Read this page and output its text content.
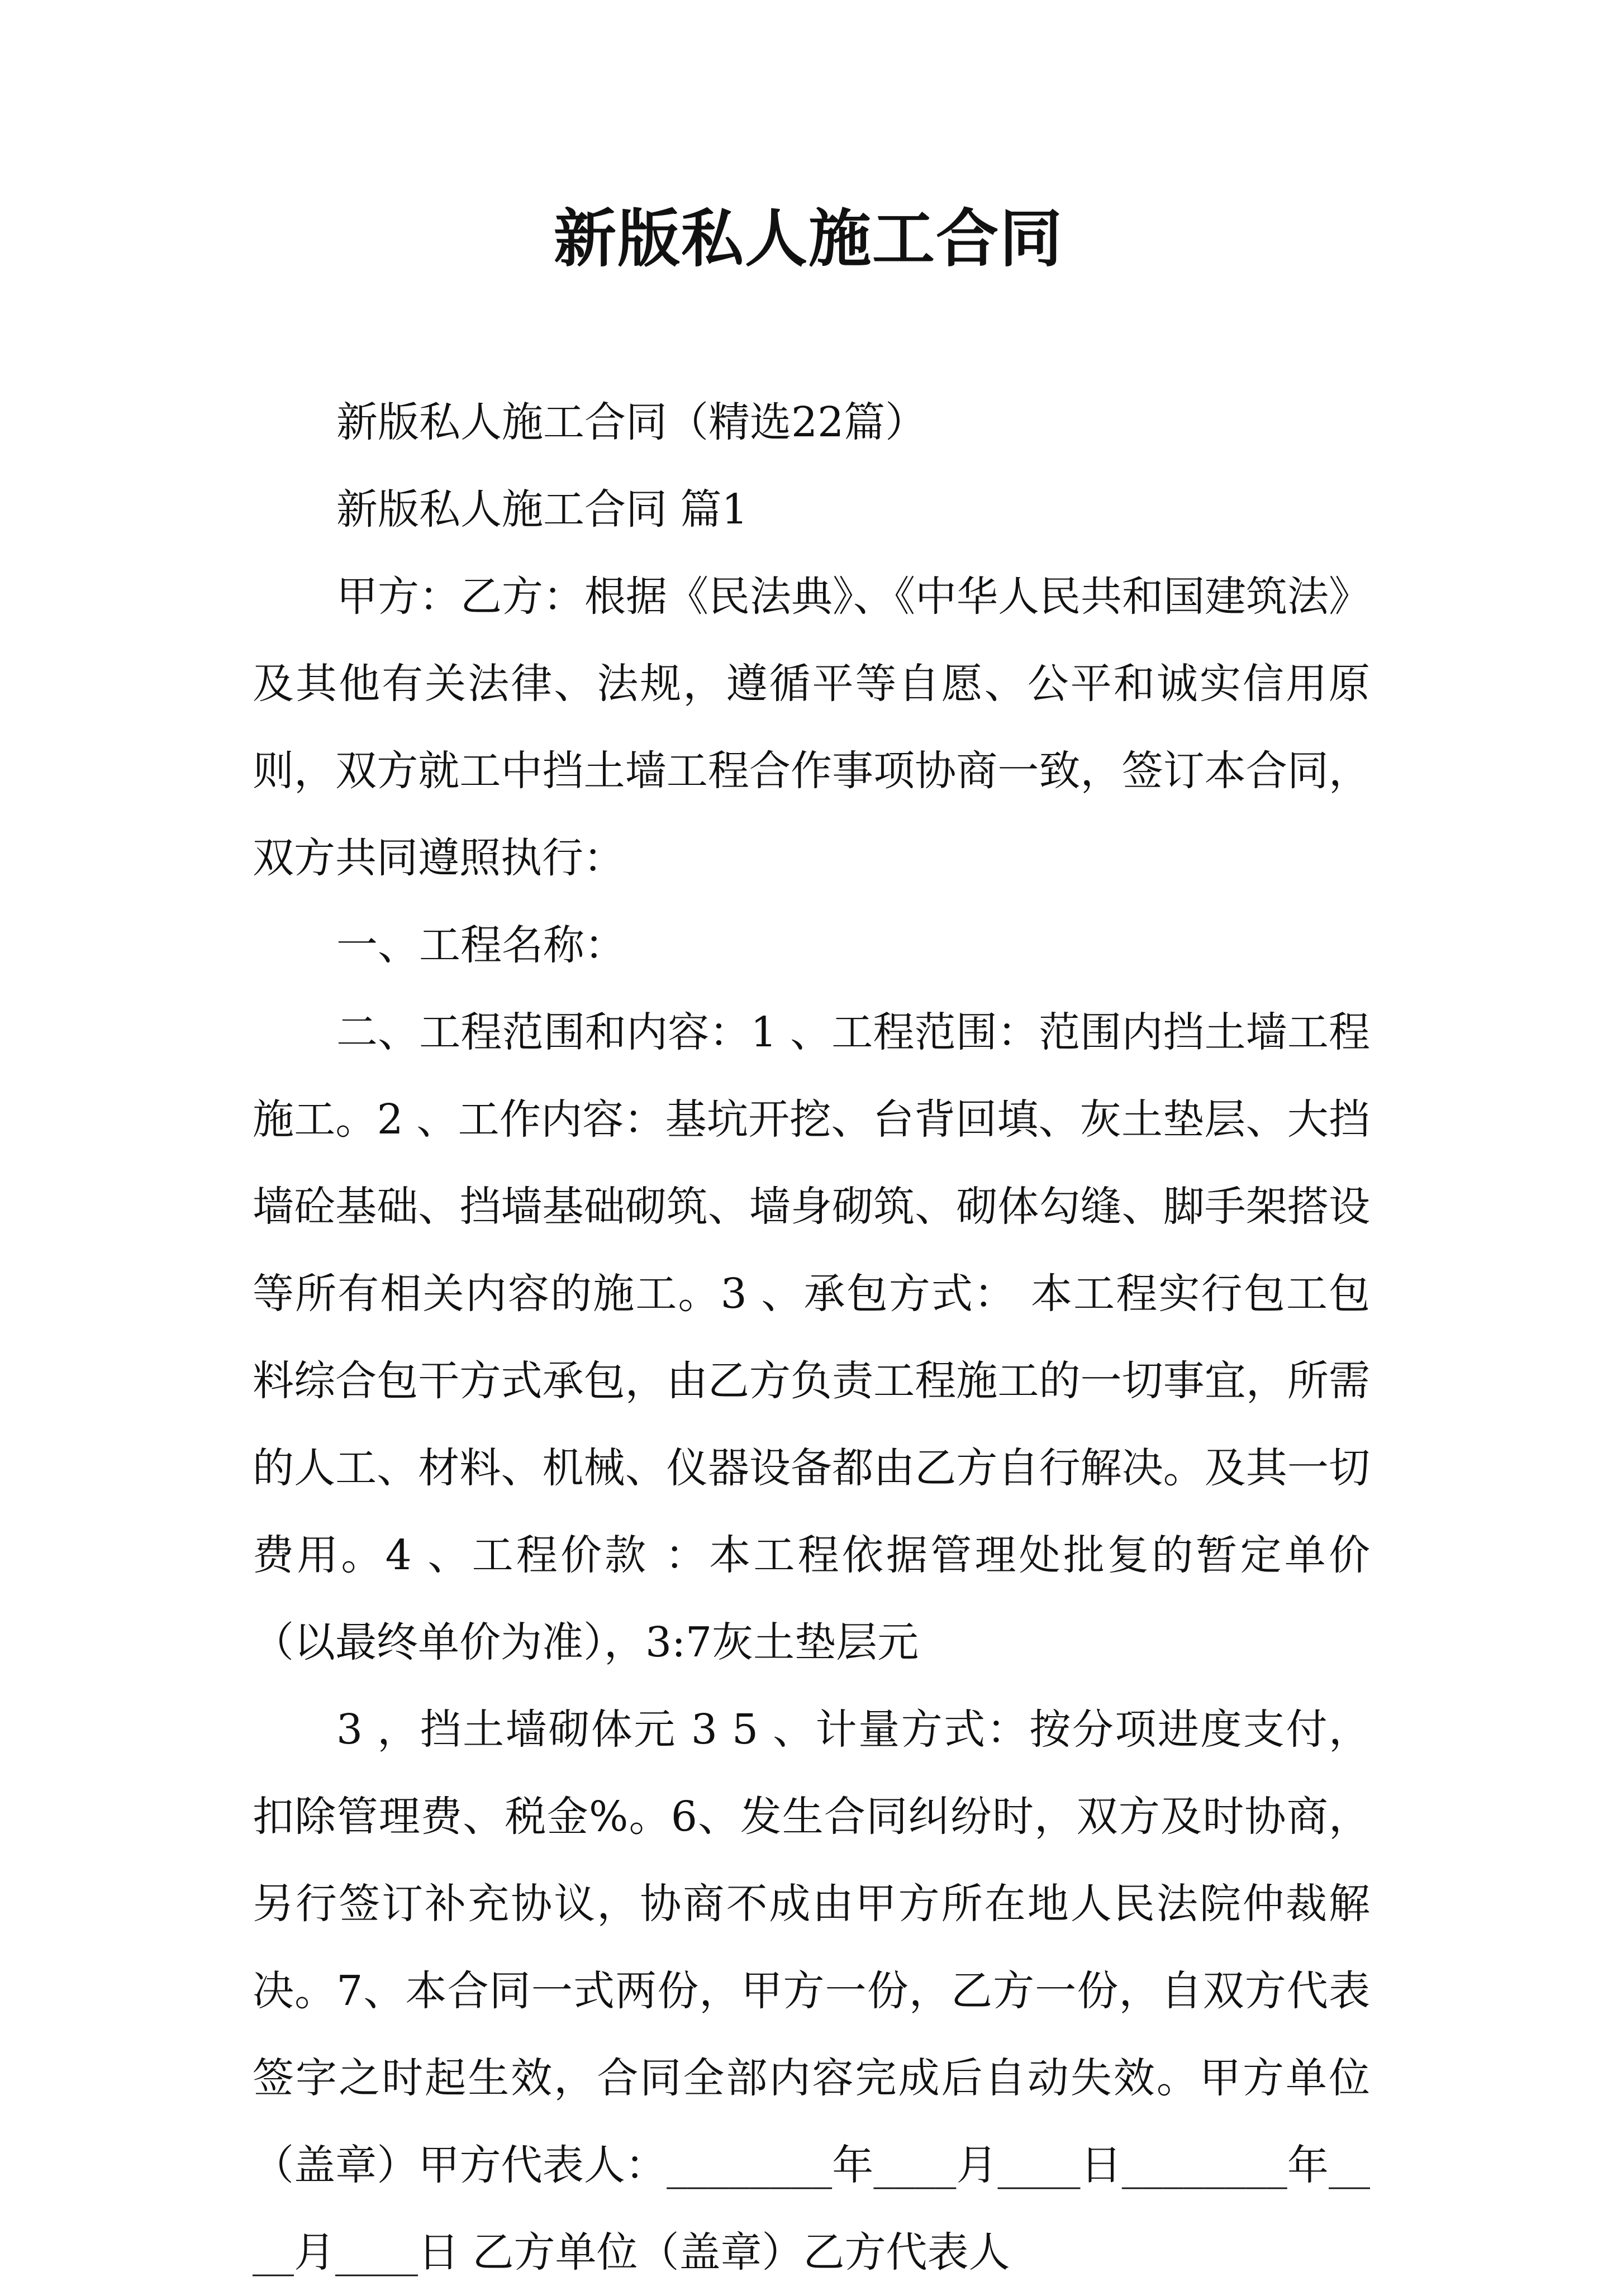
新版私人施工合同

新版私人施工合同（精选22篇）

新版私人施工合同 篇1

甲方：乙方：根据《民法典》、《中华人民共和国建筑法》及其他有关法律、法规，遵循平等自愿、公平和诚实信用原则，双方就工中挡土墙工程合作事项协商一致，签订本合同，双方共同遵照执行：

一、工程名称：

二、工程范围和内容：1 、工程范围：范围内挡土墙工程施工。2 、工作内容：基坑开挖、台背回填、灰土垫层、大挡墙砼基础、挡墙基础砌筑、墙身砌筑、砌体勾缝、脚手架搭设等所有相关内容的施工。3 、承包方式： 本工程实行包工包料综合包干方式承包，由乙方负责工程施工的一切事宜，所需的人工、材料、机械、仪器设备都由乙方自行解决。及其一切费用。4 、工程价款 ：本工程依据管理处批复的暂定单价（以最终单价为准），3:7灰土垫层元

3 ，挡土墙砌体元 3 5 、计量方式：按分项进度支付，扣除管理费、税金%。6、发生合同纠纷时，双方及时协商，另行签订补充协议，协商不成由甲方所在地人民法院仲裁解决。7、本合同一式两份，甲方一份，乙方一份，自双方代表签字之时起生效，合同全部内容完成后自动失效。甲方单位（盖章）甲方代表人：________年____月____日________年____月____日 乙方单位（盖章）乙方代表人
